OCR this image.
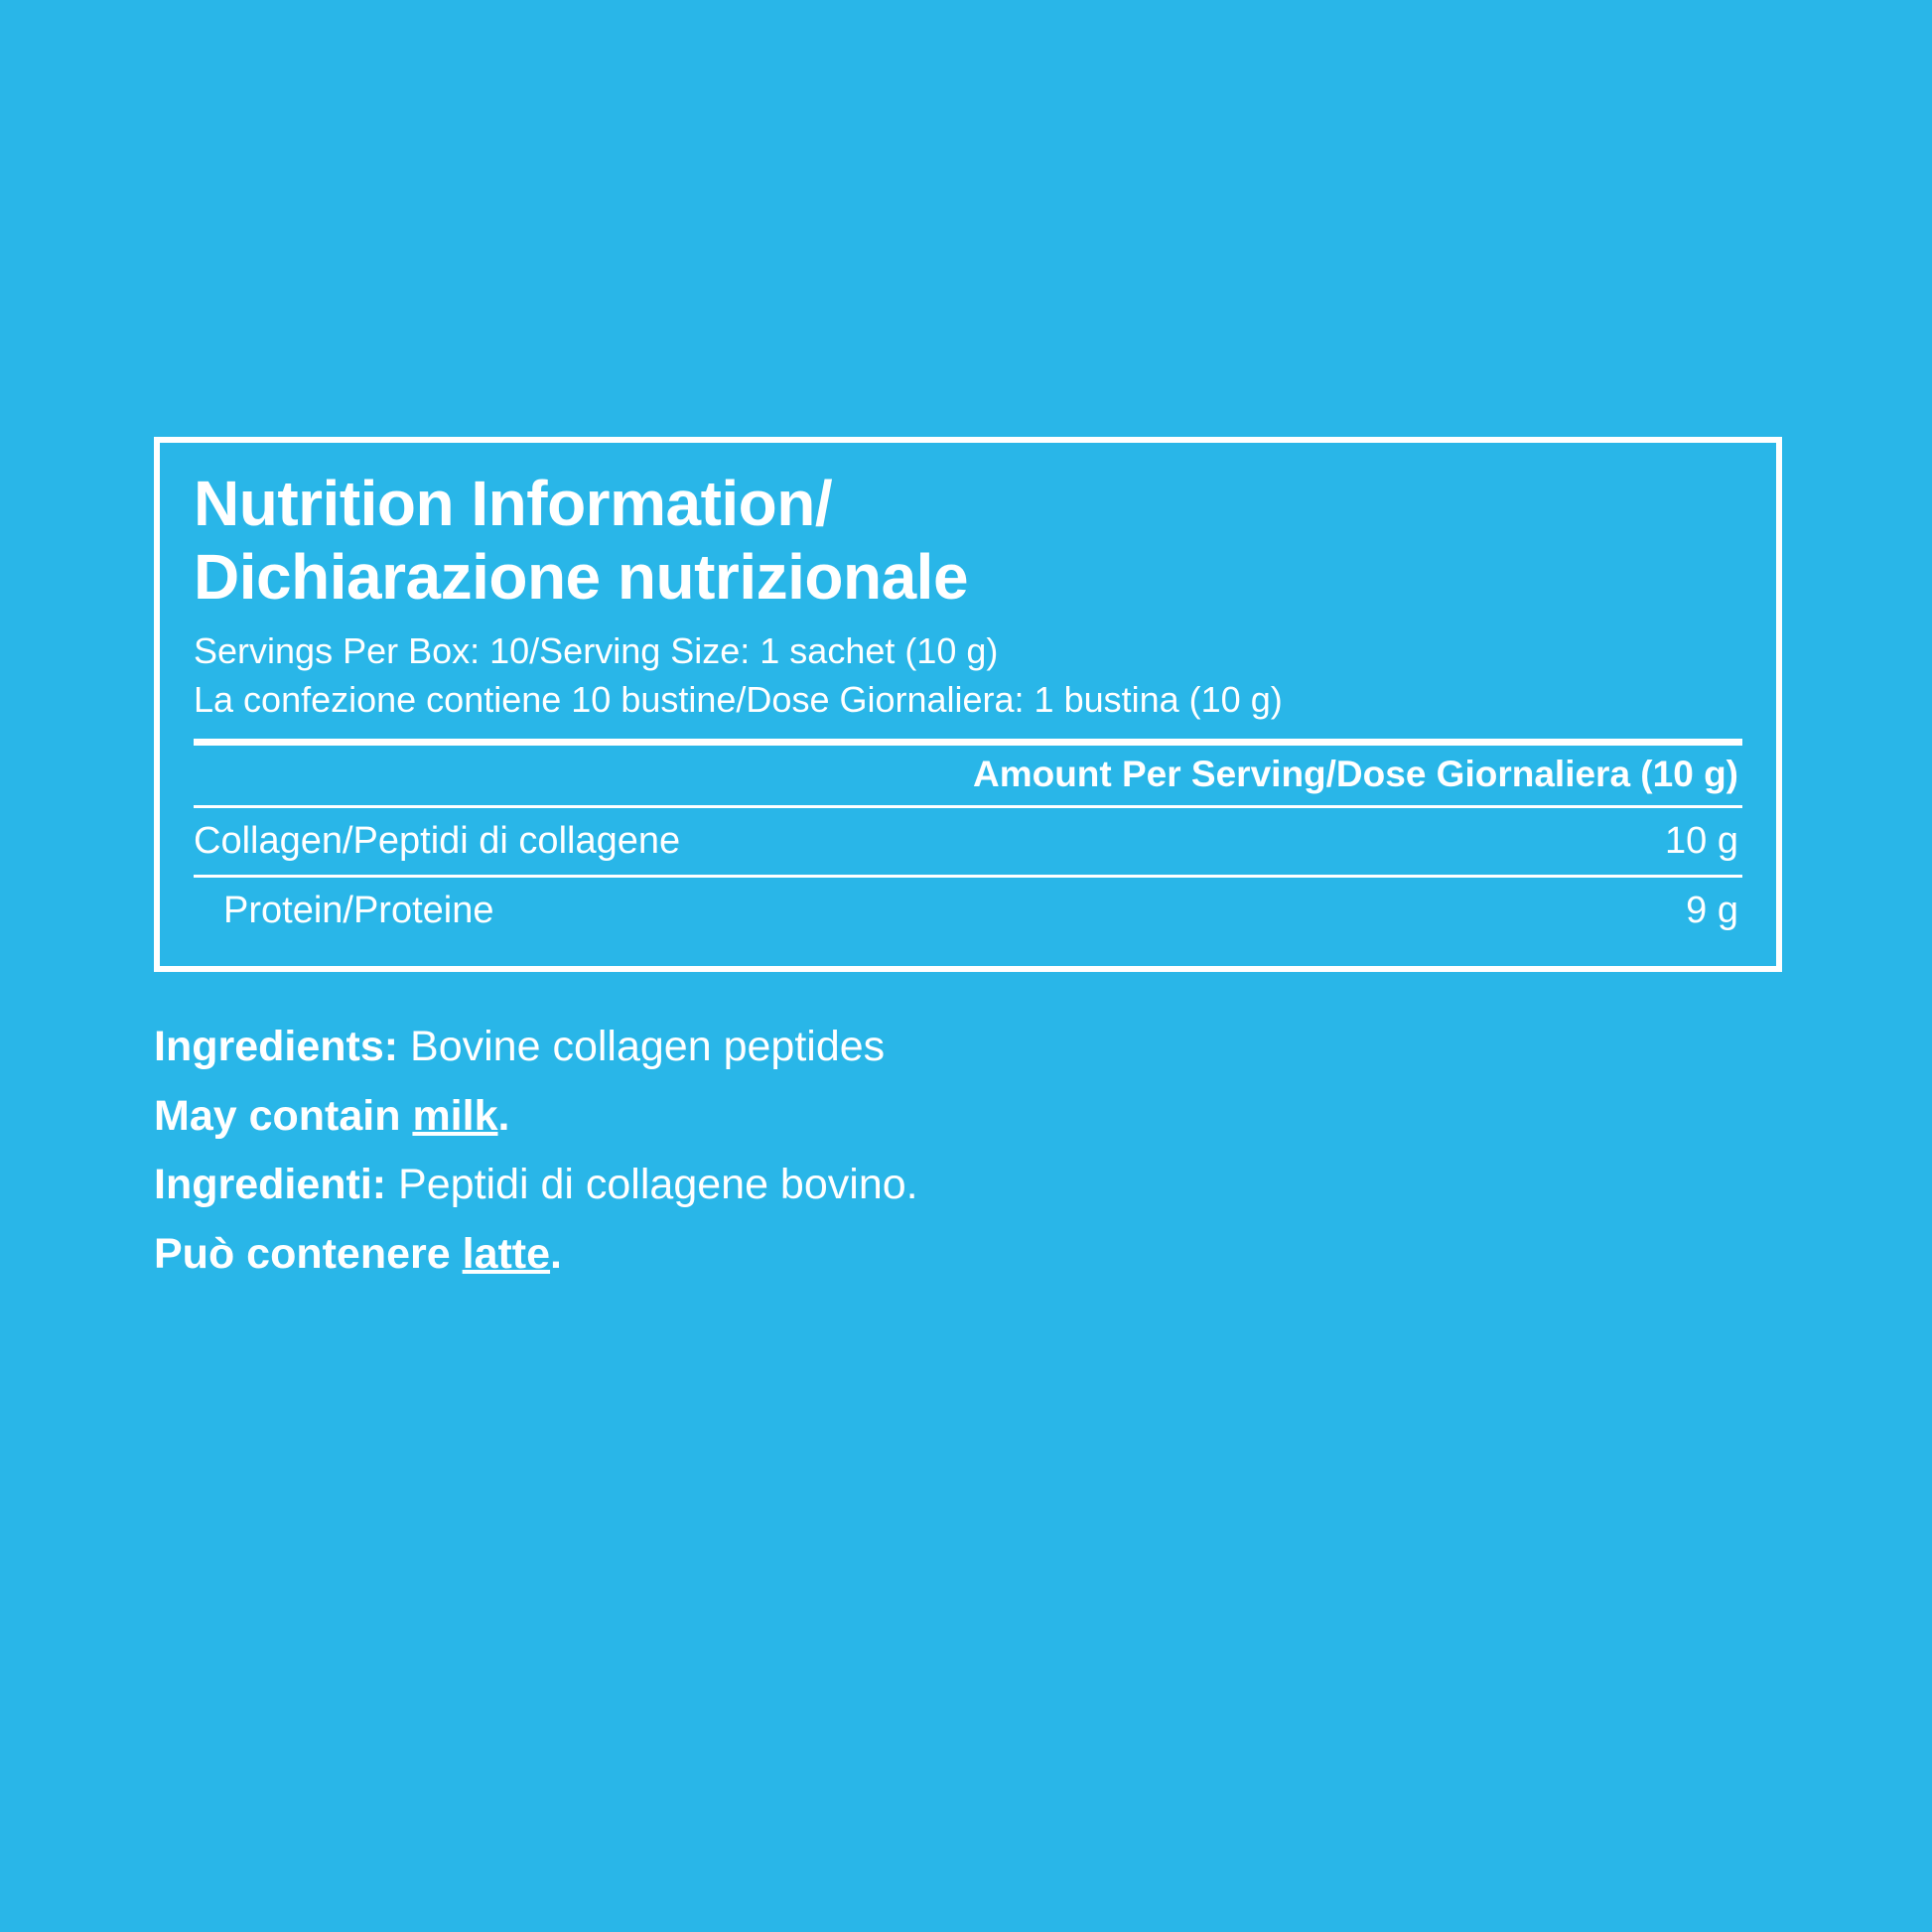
Nutrition Information/
Dichiarazione nutrizionale
Servings Per Box: 10/Serving Size: 1 sachet (10 g)
La confezione contiene 10 bustine/Dose Giornaliera: 1 bustina (10 g)
Amount Per Serving/Dose Giornaliera (10 g)
Collagen/Peptidi di collagene	10 g
Protein/Proteine	9 g
Ingredients: Bovine collagen peptides
May contain milk.
Ingredienti: Peptidi di collagene bovino.
Può contenere latte.
